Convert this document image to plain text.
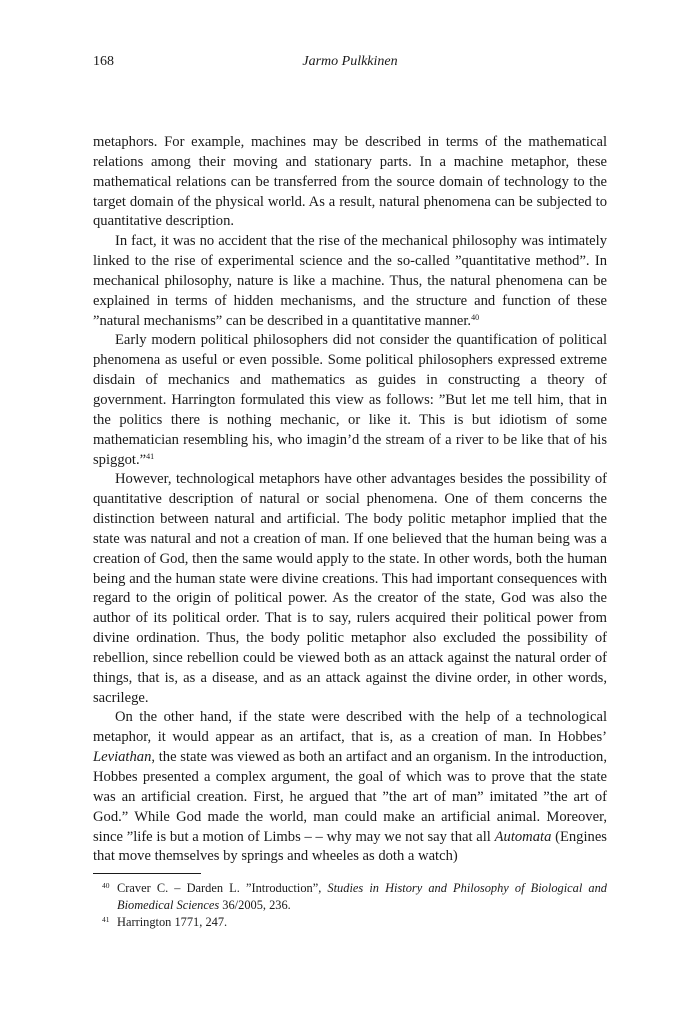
168	Jarmo Pulkkinen

metaphors. For example, machines may be described in terms of the mathematical relations among their moving and stationary parts. In a machine metaphor, these mathematical relations can be transferred from the source domain of technology to the target domain of the physical world. As a result, natural phenomena can be subjected to quantitative description.

In fact, it was no accident that the rise of the mechanical philosophy was intimately linked to the rise of experimental science and the so-called ”quantitative method”. In mechanical philosophy, nature is like a machine. Thus, the natural phenomena can be explained in terms of hidden mechanisms, and the structure and function of these ”natural mechanisms” can be described in a quantitative manner.$^{40}$

Early modern political philosophers did not consider the quantification of political phenomena as useful or even possible. Some political philosophers expressed extreme disdain of mechanics and mathematics as guides in constructing a theory of government. Harrington formulated this view as follows: ”But let me tell him, that in the politics there is nothing mechanic, or like it. This is but idiotism of some mathematician resembling his, who imagin’d the stream of a river to be like that of his spiggot.”$^{41}$

However, technological metaphors have other advantages besides the possibility of quantitative description of natural or social phenomena. One of them concerns the distinction between natural and artificial. The body politic metaphor implied that the state was natural and not a creation of man. If one believed that the human being was a creation of God, then the same would apply to the state. In other words, both the human being and the human state were divine creations. This had important consequences with regard to the origin of political power. As the creator of the state, God was also the author of its political order. That is to say, rulers acquired their political power from divine ordination. Thus, the body politic metaphor also excluded the possibility of rebellion, since rebellion could be viewed both as an attack against the natural order of things, that is, as a disease, and as an attack against the divine order, in other words, sacrilege.

On the other hand, if the state were described with the help of a technological metaphor, it would appear as an artifact, that is, as a creation of man. In Hobbes’ Leviathan, the state was viewed as both an artifact and an organism. In the introduction, Hobbes presented a complex argument, the goal of which was to prove that the state was an artificial creation. First, he argued that ”the art of man” imitated ”the art of God.” While God made the world, man could make an artificial animal. Moreover, since ”life is but a motion of Limbs – – why may we not say that all Automata (Engines that move themselves by springs and wheeles as doth a watch)

40 Craver C. – Darden L. ”Introduction”, Studies in History and Philosophy of Biological and Biomedical Sciences 36/2005, 236.
41 Harrington 1771, 247.
